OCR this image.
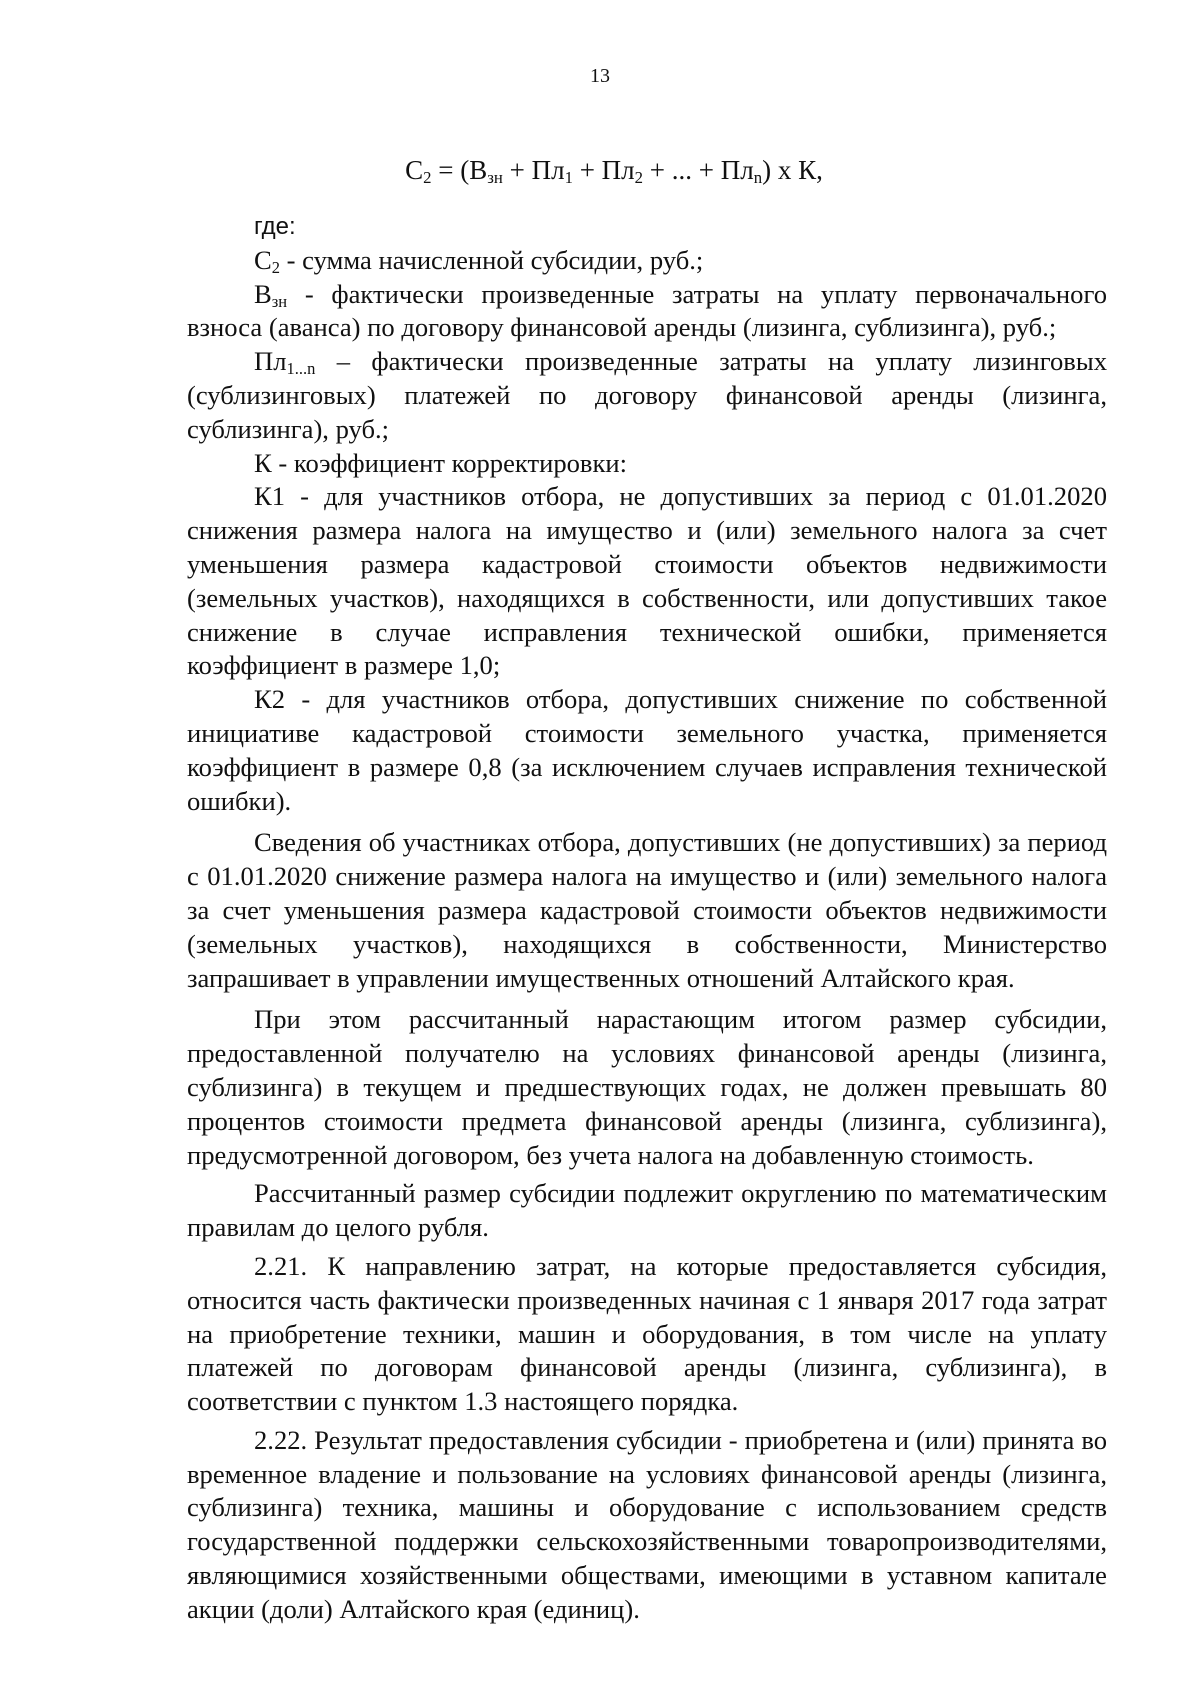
13
$C_2 = (В_{зн} + Пл_1 + Пл_2$ + ... + $Пл_n$) х К,

где:

$С_2$ - сумма начисленной субсидии, руб.;

$В_{зн}$ - фактически произведенные затраты на уплату первоначального взноса (аванса) по договору финансовой аренды (лизинга, сублизинга), руб.;

$Пл_{1...n}$ – фактически произведенные затраты на уплату лизинговых (сублизинговых) платежей по договору финансовой аренды (лизинга, сублизинга), руб.;

К - коэффициент корректировки:

К1 - для участников отбора, не допустивших за период с 01.01.2020 снижения размера налога на имущество и (или) земельного налога за счет уменьшения размера кадастровой стоимости объектов недвижимости (земельных участков), находящихся в собственности, или допустивших такое снижение в случае исправления технической ошибки, применяется коэффициент в размере 1,0;

К2 - для участников отбора, допустивших снижение по собственной инициативе кадастровой стоимости земельного участка, применяется коэффициент в размере 0,8 (за исключением случаев исправления технической ошибки).

Сведения об участниках отбора, допустивших (не допустивших) за период с 01.01.2020 снижение размера налога на имущество и (или) земельного налога за счет уменьшения размера кадастровой стоимости объектов недвижимости (земельных участков), находящихся в собственности, Министерство запрашивает в управлении имущественных отношений Алтайского края.

При этом рассчитанный нарастающим итогом размер субсидии, предоставленной получателю на условиях финансовой аренды (лизинга, сублизинга) в текущем и предшествующих годах, не должен превышать 80 процентов стоимости предмета финансовой аренды (лизинга, сублизинга), предусмотренной договором, без учета налога на добавленную стоимость.

Рассчитанный размер субсидии подлежит округлению по математическим правилам до целого рубля.

2.21. К направлению затрат, на которые предоставляется субсидия, относится часть фактически произведенных начиная с 1 января 2017 года затрат на приобретение техники, машин и оборудования, в том числе на уплату платежей по договорам финансовой аренды (лизинга, сублизинга), в соответствии с пунктом 1.3 настоящего порядка.

2.22. Результат предоставления субсидии - приобретена и (или) принята во временное владение и пользование на условиях финансовой аренды (лизинга, сублизинга) техника, машины и оборудование с использованием средств государственной поддержки сельскохозяйственными товаропроизводителями, являющимися хозяйственными обществами, имеющими в уставном капитале акции (доли) Алтайского края (единиц).
